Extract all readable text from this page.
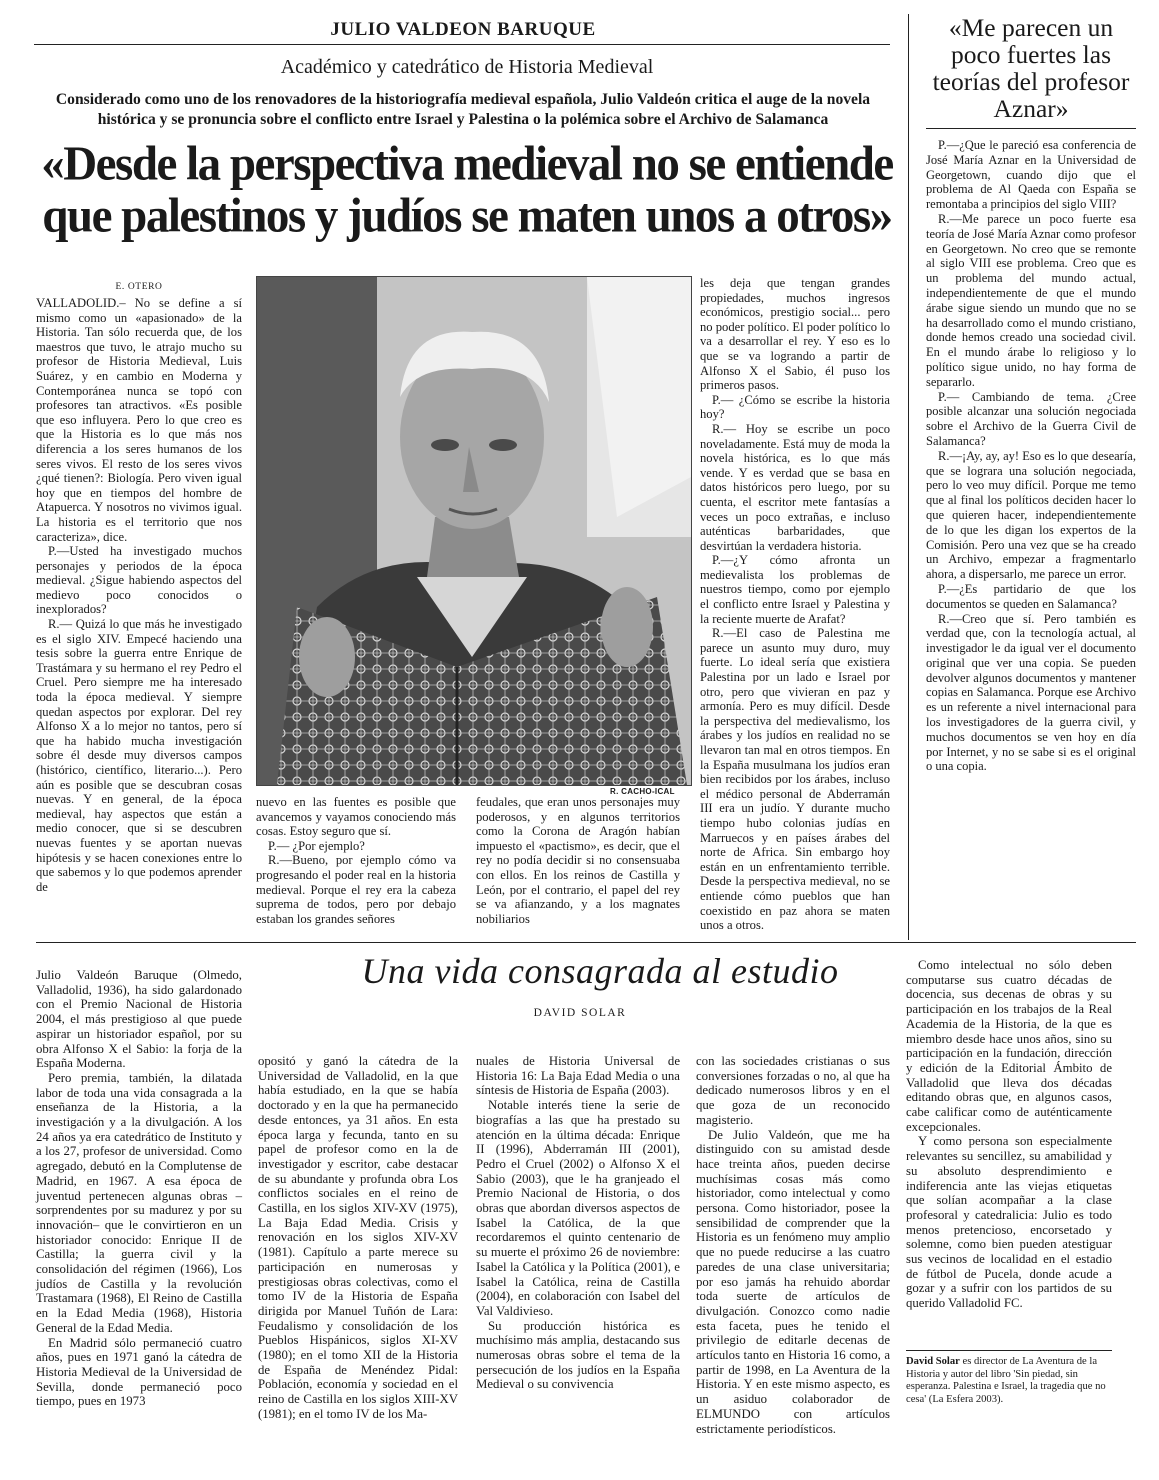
JULIO VALDEON BARUQUE
Académico y catedrático de Historia Medieval
Considerado como uno de los renovadores de la historiografía medieval española, Julio Valdeón critica el auge de la novela histórica y se pronuncia sobre el conflicto entre Israel y Palestina o la polémica sobre el Archivo de Salamanca
«Desde la perspectiva medieval no se entiende que palestinos y judíos se maten unos a otros»
«Me parecen un poco fuertes las teorías del profesor Aznar»

P.—¿Que le pareció esa conferencia de José María Aznar en la Universidad de Georgetown, cuando dijo que el problema de Al Qaeda con España se remontaba a principios del siglo VIII?

R.—Me parece un poco fuerte esa teoría de José María Aznar como profesor en Georgetown. No creo que se remonte al siglo VIII ese problema. Creo que es un problema del mundo actual, independientemente de que el mundo árabe sigue siendo un mundo que no se ha desarrollado como el mundo cristiano, donde hemos creado una sociedad civil. En el mundo árabe lo religioso y lo político sigue unido, no hay forma de separarlo.

P.— Cambiando de tema. ¿Cree posible alcanzar una solución negociada sobre el Archivo de la Guerra Civil de Salamanca?

R.—¡Ay, ay, ay! Eso es lo que desearía, que se lograra una solución negociada, pero lo veo muy difícil. Porque me temo que al final los políticos deciden hacer lo que quieren hacer, independientemente de lo que les digan los expertos de la Comisión. Pero una vez que se ha creado un Archivo, empezar a fragmentarlo ahora, a dispersarlo, me parece un error.

P.—¿Es partidario de que los documentos se queden en Salamanca?

R.—Creo que sí. Pero también es verdad que, con la tecnología actual, al investigador le da igual ver el documento original que ver una copia. Se pueden devolver algunos documentos y mantener copias en Salamanca. Porque ese Archivo es un referente a nivel internacional para los investigadores de la guerra civil, y muchos documentos se ven hoy en día por Internet, y no se sabe si es el original o una copia.

E. OTERO

VALLADOLID.– No se define a sí mismo como un «apasionado» de la Historia. Tan sólo recuerda que, de los maestros que tuvo, le atrajo mucho su profesor de Historia Medieval, Luis Suárez, y en cambio en Moderna y Contemporánea nunca se topó con profesores tan atractivos. «Es posible que eso influyera. Pero lo que creo es que la Historia es lo que más nos diferencia a los seres humanos de los seres vivos. El resto de los seres vivos ¿qué tienen?: Biología. Pero viven igual hoy que en tiempos del hombre de Atapuerca. Y nosotros no vivimos igual. La historia es el territorio que nos caracteriza», dice.

P.—Usted ha investigado muchos personajes y periodos de la época medieval. ¿Sigue habiendo aspectos del medievo poco conocidos o inexplorados?

R.— Quizá lo que más he investigado es el siglo XIV. Empecé haciendo una tesis sobre la guerra entre Enrique de Trastámara y su hermano el rey Pedro el Cruel. Pero siempre me ha interesado toda la época medieval. Y siempre quedan aspectos por explorar. Del rey Alfonso X a lo mejor no tantos, pero sí que ha habido mucha investigación sobre él desde muy diversos campos (histórico, científico, literario...). Pero aún es posible que se descubran cosas nuevas. Y en general, de la época medieval, hay aspectos que están a medio conocer, que si se descubren nuevas fuentes y se aportan nuevas hipótesis y se hacen conexiones entre lo que sabemos y lo que podemos aprender de

R. CACHO-ICAL

nuevo en las fuentes es posible que avancemos y vayamos conociendo más cosas. Estoy seguro que sí.

P.— ¿Por ejemplo?

R.—Bueno, por ejemplo cómo va progresando el poder real en la historia medieval. Porque el rey era la cabeza suprema de todos, pero por debajo estaban los grandes señores

feudales, que eran unos personajes muy poderosos, y en algunos territorios como la Corona de Aragón habían impuesto el «pactismo», es decir, que el rey no podía decidir si no consensuaba con ellos. En los reinos de Castilla y León, por el contrario, el papel del rey se va afianzando, y a los magnates nobiliarios

les deja que tengan grandes propiedades, muchos ingresos económicos, prestigio social... pero no poder político. El poder político lo va a desarrollar el rey. Y eso es lo que se va logrando a partir de Alfonso X el Sabio, él puso los primeros pasos.

P.— ¿Cómo se escribe la historia hoy?

R.— Hoy se escribe un poco noveladamente. Está muy de moda la novela histórica, es lo que más vende. Y es verdad que se basa en datos históricos pero luego, por su cuenta, el escritor mete fantasías a veces un poco extrañas, e incluso auténticas barbaridades, que desvirtúan la verdadera historia.

P.—¿Y cómo afronta un medievalista los problemas de nuestros tiempo, como por ejemplo el conflicto entre Israel y Palestina y la reciente muerte de Arafat?

R.—El caso de Palestina me parece un asunto muy duro, muy fuerte. Lo ideal sería que existiera Palestina por un lado e Israel por otro, pero que vivieran en paz y armonía. Pero es muy difícil. Desde la perspectiva del medievalismo, los árabes y los judíos en realidad no se llevaron tan mal en otros tiempos. En la España musulmana los judíos eran bien recibidos por los árabes, incluso el médico personal de Abderramán III era un judío. Y durante mucho tiempo hubo colonias judías en Marruecos y en países árabes del norte de Africa. Sin embargo hoy están en un enfrentamiento terrible. Desde la perspectiva medieval, no se entiende cómo pueblos que han coexistido en paz ahora se maten unos a otros.

Una vida consagrada al estudio
DAVID SOLAR

Julio Valdeón Baruque (Olmedo, Valladolid, 1936), ha sido galardonado con el Premio Nacional de Historia 2004, el más prestigioso al que puede aspirar un historiador español, por su obra Alfonso X el Sabio: la forja de la España Moderna.

Pero premia, también, la dilatada labor de toda una vida consagrada a la enseñanza de la Historia, a la investigación y a la divulgación. A los 24 años ya era catedrático de Instituto y a los 27, profesor de universidad. Como agregado, debutó en la Complutense de Madrid, en 1967. A esa época de juventud pertenecen algunas obras –sorprendentes por su madurez y por su innovación– que le convirtieron en un historiador conocido: Enrique II de Castilla; la guerra civil y la consolidación del régimen (1966), Los judíos de Castilla y la revolución Trastamara (1968), El Reino de Castilla en la Edad Media (1968), Historia General de la Edad Media.

En Madrid sólo permaneció cuatro años, pues en 1971 ganó la cátedra de Historia Medieval de la Universidad de Sevilla, donde permaneció poco tiempo, pues en 1973

opositó y ganó la cátedra de la Universidad de Valladolid, en la que había estudiado, en la que se había doctorado y en la que ha permanecido desde entonces, ya 31 años. En esta época larga y fecunda, tanto en su papel de profesor como en la de investigador y escritor, cabe destacar de su abundante y profunda obra Los conflictos sociales en el reino de Castilla, en los siglos XIV-XV (1975), La Baja Edad Media. Crisis y renovación en los siglos XIV-XV (1981). Capítulo a parte merece su participación en numerosas y prestigiosas obras colectivas, como el tomo IV de la Historia de España dirigida por Manuel Tuñón de Lara: Feudalismo y consolidación de los Pueblos Hispánicos, siglos XI-XV (1980); en el tomo XII de la Historia de España de Menéndez Pidal: Población, economía y sociedad en el reino de Castilla en los siglos XIII-XV (1981); en el tomo IV de los Ma-

nuales de Historia Universal de Historia 16: La Baja Edad Media o una síntesis de Historia de España (2003).

Notable interés tiene la serie de biografías a las que ha prestado su atención en la última década: Enrique II (1996), Abderramán III (2001), Pedro el Cruel (2002) o Alfonso X el Sabio (2003), que le ha granjeado el Premio Nacional de Historia, o dos obras que abordan diversos aspectos de Isabel la Católica, de la que recordaremos el quinto centenario de su muerte el próximo 26 de noviembre: Isabel la Católica y la Política (2001), e Isabel la Católica, reina de Castilla (2004), en colaboración con Isabel del Val Valdivieso.

Su producción histórica es muchísimo más amplia, destacando sus numerosas obras sobre el tema de la persecución de los judíos en la España Medieval o su convivencia

con las sociedades cristianas o sus conversiones forzadas o no, al que ha dedicado numerosos libros y en el que goza de un reconocido magisterio.

De Julio Valdeón, que me ha distinguido con su amistad desde hace treinta años, pueden decirse muchísimas cosas más como historiador, como intelectual y como persona. Como historiador, posee la sensibilidad de comprender que la Historia es un fenómeno muy amplio que no puede reducirse a las cuatro paredes de una clase universitaria; por eso jamás ha rehuido abordar toda suerte de artículos de divulgación. Conozco como nadie esta faceta, pues he tenido el privilegio de editarle decenas de artículos tanto en Historia 16 como, a partir de 1998, en La Aventura de la Historia. Y en este mismo aspecto, es un asiduo colaborador de ELMUNDO con artículos estrictamente periodísticos.

Como intelectual no sólo deben computarse sus cuatro décadas de docencia, sus decenas de obras y su participación en los trabajos de la Real Academia de la Historia, de la que es miembro desde hace unos años, sino su participación en la fundación, dirección y edición de la Editorial Ámbito de Valladolid que lleva dos décadas editando obras que, en algunos casos, cabe calificar como de auténticamente excepcionales.

Y como persona son especialmente relevantes su sencillez, su amabilidad y su absoluto desprendimiento e indiferencia ante las viejas etiquetas que solían acompañar a la clase profesoral y catedralicia: Julio es todo menos pretencioso, encorsetado y solemne, como bien pueden atestiguar sus vecinos de localidad en el estadio de fútbol de Pucela, donde acude a gozar y a sufrir con los partidos de su querido Valladolid FC.

David Solar es director de La Aventura de la Historia y autor del libro 'Sin piedad, sin esperanza. Palestina e Israel, la tragedia que no cesa' (La Esfera 2003).
